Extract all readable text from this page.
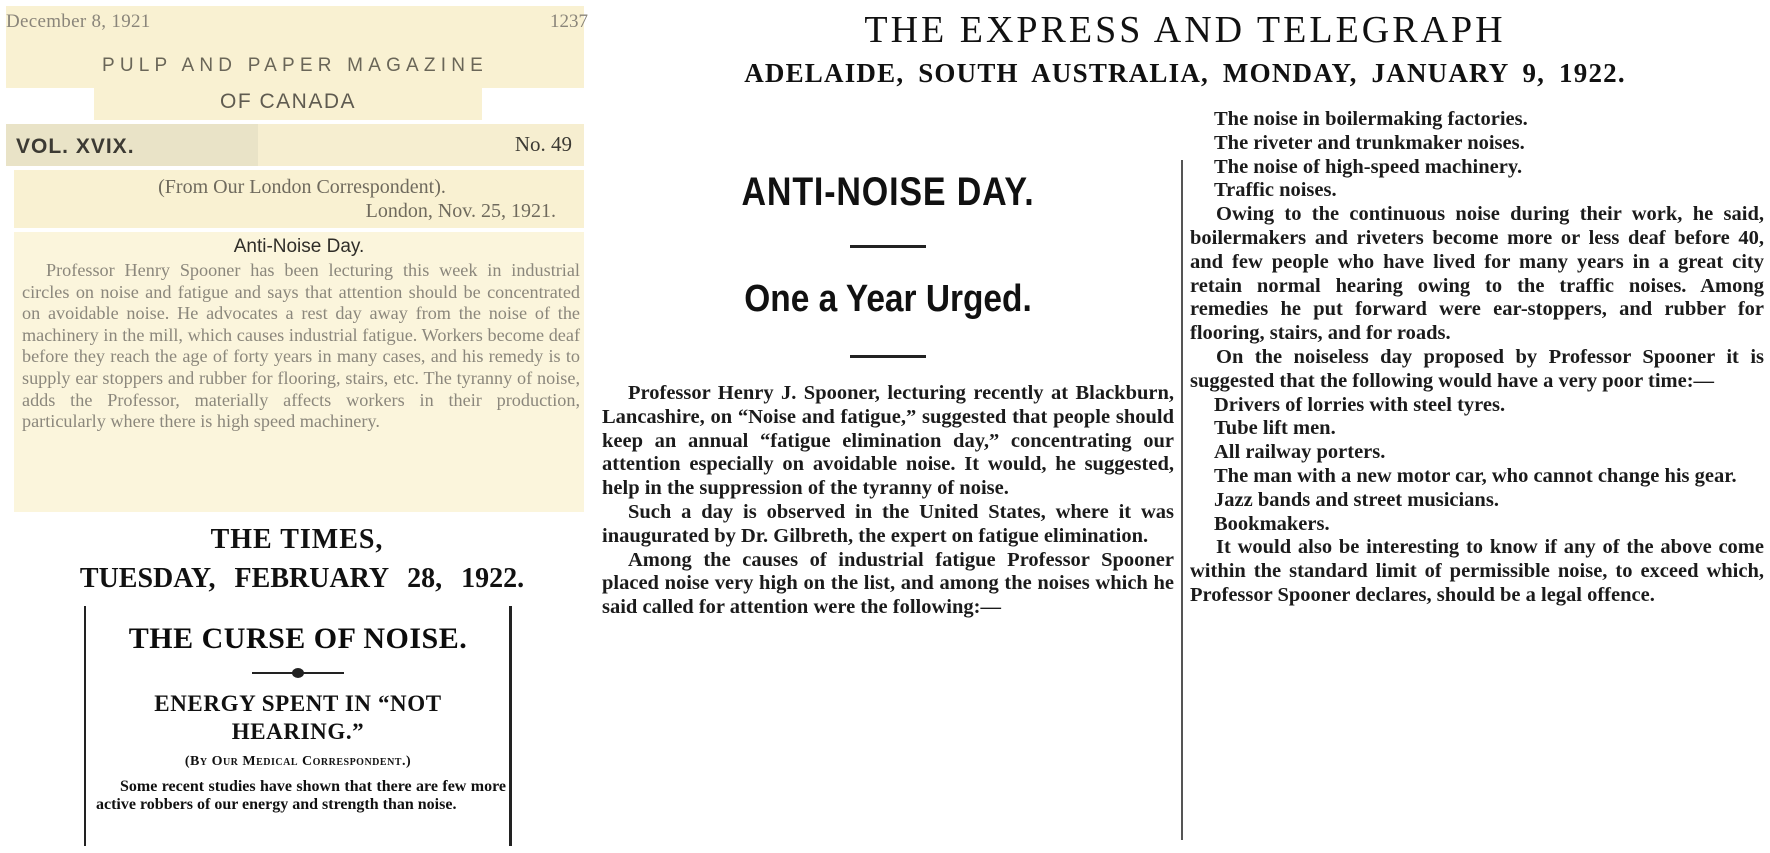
December 8, 1921	1237
PULP AND PAPER MAGAZINE
OF CANADA
VOL. XVIX.	No. 49
(From Our London Correspondent).
London, Nov. 25, 1921.
Anti-Noise Day.

Professor Henry Spooner has been lecturing this week in industrial circles on noise and fatigue and says that attention should be concentrated on avoidable noise. He advocates a rest day away from the noise of the machinery in the mill, which causes industrial fatigue. Workers become deaf before they reach the age of forty years in many cases, and his remedy is to supply ear stoppers and rubber for flooring, stairs, etc. The tyranny of noise, adds the Professor, materially affects workers in their production, particularly where there is high speed machinery.

THE TIMES,
TUESDAY, FEBRUARY 28, 1922.
THE CURSE OF NOISE.
ENERGY SPENT IN “NOT HEARING.”
(By Our Medical Correspondent.)

Some recent studies have shown that there are few more active robbers of our energy and strength than noise.

THE EXPRESS AND TELEGRAPH
ADELAIDE, SOUTH AUSTRALIA, MONDAY, JANUARY 9, 1922.
ANTI-NOISE DAY.
One a Year Urged.

Professor Henry J. Spooner, lecturing recently at Blackburn, Lancashire, on “Noise and fatigue,” suggested that people should keep an annual “fatigue elimination day,” concentrating our attention especially on avoidable noise. It would, he suggested, help in the suppression of the tyranny of noise.

Such a day is observed in the United States, where it was inaugurated by Dr. Gilbreth, the expert on fatigue elimination.

Among the causes of industrial fatigue Professor Spooner placed noise very high on the list, and among the noises which he said called for attention were the following:—

The noise in boilermaking factories.
The riveter and trunkmaker noises.
The noise of high-speed machinery.
Traffic noises.

Owing to the continuous noise during their work, he said, boilermakers and riveters become more or less deaf before 40, and few people who have lived for many years in a great city retain normal hearing owing to the traffic noises. Among remedies he put forward were ear-stoppers, and rubber for flooring, stairs, and for roads.

On the noiseless day proposed by Professor Spooner it is suggested that the following would have a very poor time:—

Drivers of lorries with steel tyres.
Tube lift men.
All railway porters.
The man with a new motor car, who cannot change his gear.
Jazz bands and street musicians.
Bookmakers.

It would also be interesting to know if any of the above come within the standard limit of permissible noise, to exceed which, Professor Spooner declares, should be a legal offence.
